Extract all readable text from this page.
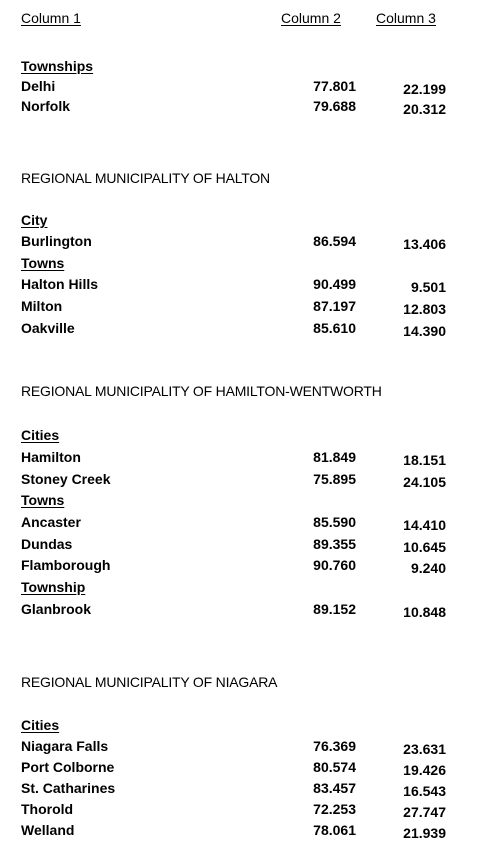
Column 1	Column 2	Column 3
Townships
Delhi	77.801	22.199
Norfolk	79.688	20.312
REGIONAL MUNICIPALITY OF HALTON
City
Burlington	86.594	13.406
Towns
Halton Hills	90.499	9.501
Milton	87.197	12.803
Oakville	85.610	14.390
REGIONAL MUNICIPALITY OF HAMILTON-WENTWORTH
Cities
Hamilton	81.849	18.151
Stoney Creek	75.895	24.105
Towns
Ancaster	85.590	14.410
Dundas	89.355	10.645
Flamborough	90.760	9.240
Township
Glanbrook	89.152	10.848
REGIONAL MUNICIPALITY OF NIAGARA
Cities
Niagara Falls	76.369	23.631
Port Colborne	80.574	19.426
St. Catharines	83.457	16.543
Thorold	72.253	27.747
Welland	78.061	21.939
